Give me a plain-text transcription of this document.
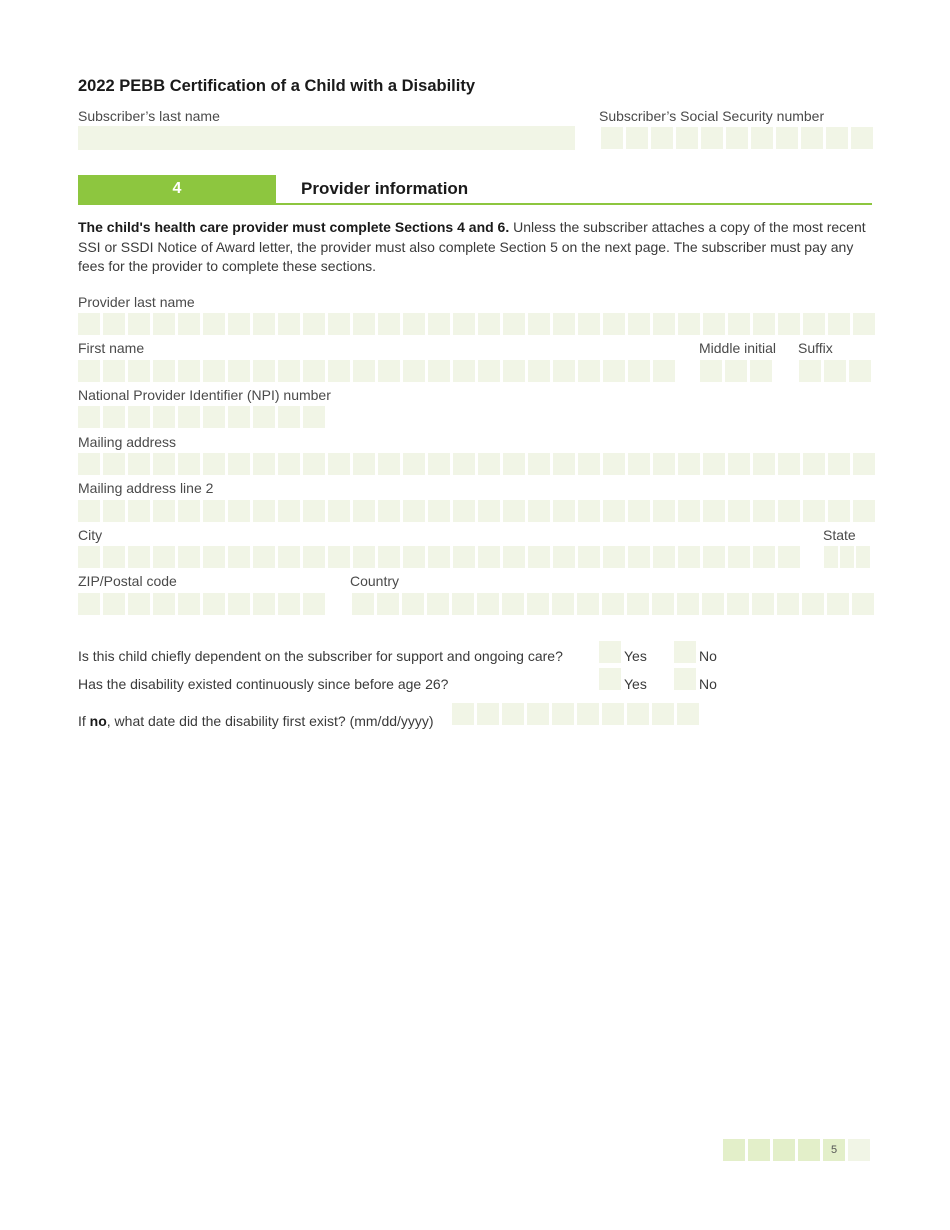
2022 PEBB Certification of a Child with a Disability
Subscriber’s last name	Subscriber’s Social Security number
4	Provider information
The child's health care provider must complete Sections 4 and 6. Unless the subscriber attaches a copy of the most recent SSI or SSDI Notice of Award letter, the provider must also complete Section 5 on the next page. The subscriber must pay any fees for the provider to complete these sections.
Provider last name
First name	Middle initial Suffix
National Provider Identifier (NPI) number
Mailing address
Mailing address line 2
City	State
ZIP/Postal code	Country
Is this child chiefly dependent on the subscriber for support and ongoing care?	Yes	No
Has the disability existed continuously since before age 26?	Yes	No
If no, what date did the disability first exist? (mm/dd/yyyy)
5
